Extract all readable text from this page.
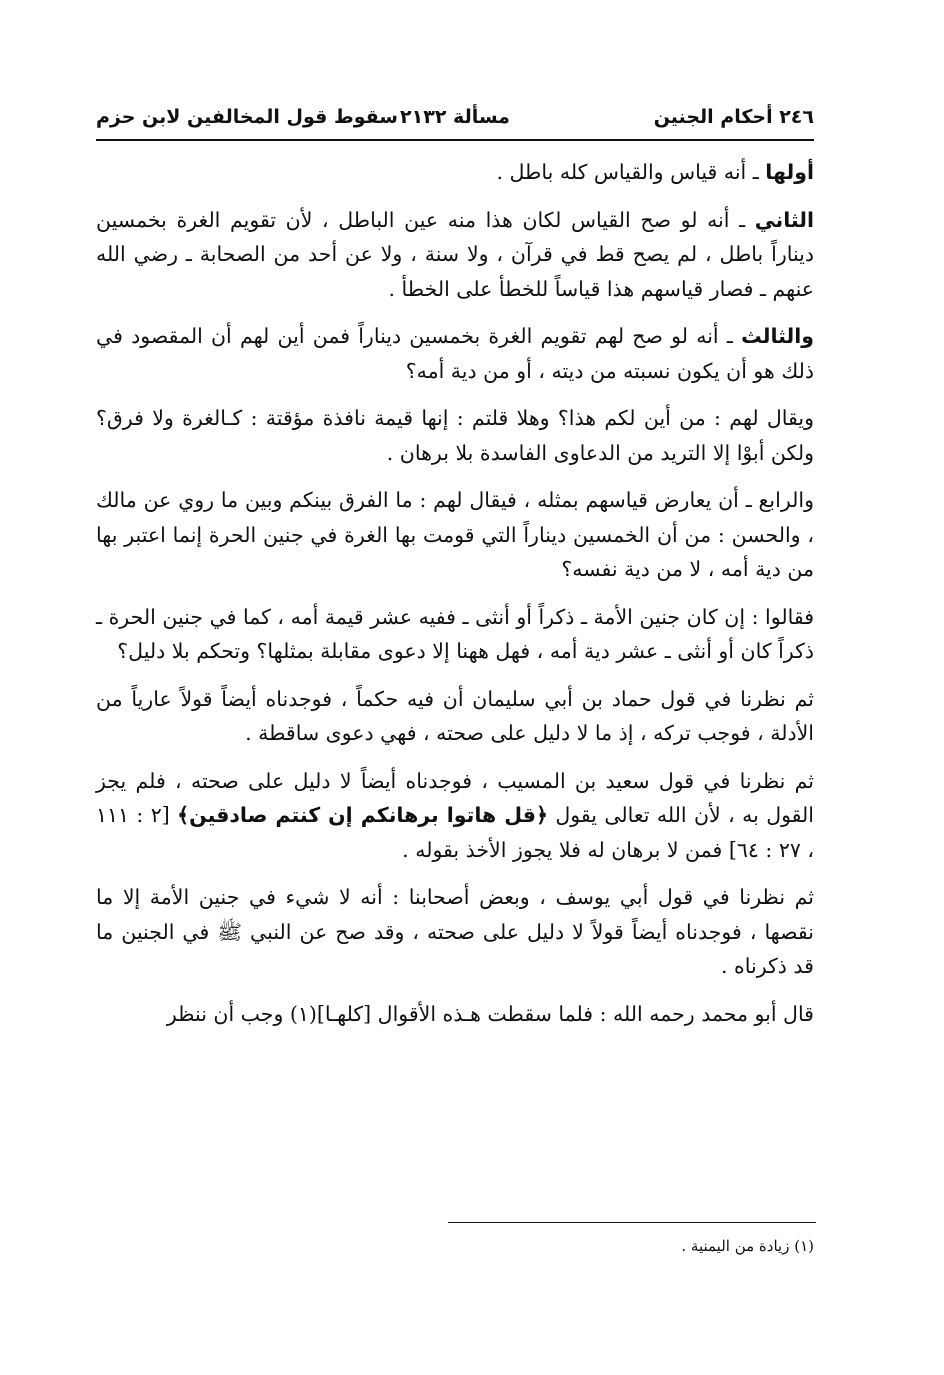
٢٤٦ أحكام الجنين
مسألة ٢١٣٢
سقوط قول المخالفين لابن حزم

أولها ـ أنه قياس والقياس كله باطل .

الثاني ـ أنه لو صح القياس لكان هذا منه عين الباطل ، لأن تقويم الغرة بخمسين ديناراً باطل ، لم يصح قط في قرآن ، ولا سنة ، ولا عن أحد من الصحابة ـ رضي الله عنهم ـ فصار قياسهم هذا قياساً للخطأ على الخطأ .

والثالث ـ أنه لو صح لهم تقويم الغرة بخمسين ديناراً فمن أين لهم أن المقصود في ذلك هو أن يكون نسبته من ديته ، أو من دية أمه؟

ويقال لهم : من أين لكم هذا؟ وهلا قلتم : إنها قيمة نافذة مؤقتة : كـالغرة ولا فرق؟ ولكن أبوْا إلا التريد من الدعاوى الفاسدة بلا برهان .

والرابع ـ أن يعارض قياسهم بمثله ، فيقال لهم : ما الفرق بينكم وبين ما روي عن مالك ، والحسن : من أن الخمسين ديناراً التي قومت بها الغرة في جنين الحرة إنما اعتبر بها من دية أمه ، لا من دية نفسه؟

فقالوا : إن كان جنين الأمة ـ ذكراً أو أنثى ـ ففيه عشر قيمة أمه ، كما في جنين الحرة ـ ذكراً كان أو أنثى ـ عشر دية أمه ، فهل ههنا إلا دعوى مقابلة بمثلها؟ وتحكم بلا دليل؟

ثم نظرنا في قول حماد بن أبي سليمان أن فيه حكماً ، فوجدناه أيضاً قولاً عارياً من الأدلة ، فوجب تركه ، إذ ما لا دليل على صحته ، فهي دعوى ساقطة .

ثم نظرنا في قول سعيد بن المسيب ، فوجدناه أيضاً لا دليل على صحته ، فلم يجز القول به ، لأن الله تعالى يقول ﴿قل هاتوا برهانكم إن كنتم صادقين﴾ [٢ : ١١١ ، ٢٧ : ٦٤] فمن لا برهان له فلا يجوز الأخذ بقوله .

ثم نظرنا في قول أبي يوسف ، وبعض أصحابنا : أنه لا شيء في جنين الأمة إلا ما نقصها ، فوجدناه أيضاً قولاً لا دليل على صحته ، وقد صح عن النبي ﷺ في الجنين ما قد ذكرناه .

قال أبو محمد رحمه الله : فلما سقطت هـذه الأقوال [كلهـا](١) وجب أن ننظر

(١) زيادة من اليمنية .
